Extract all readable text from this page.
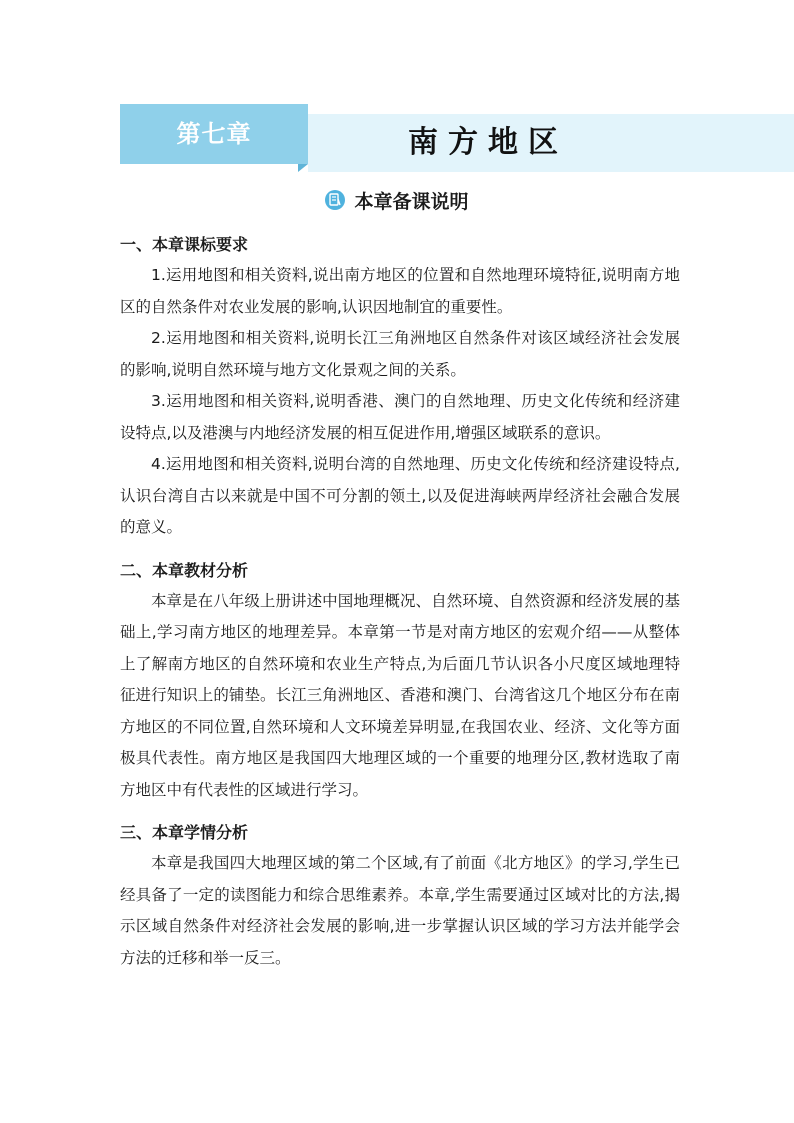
第七章	南方地区
本章备课说明
一、本章课标要求

1.运用地图和相关资料,说出南方地区的位置和自然地理环境特征,说明南方地区的自然条件对农业发展的影响,认识因地制宜的重要性。

2.运用地图和相关资料,说明长江三角洲地区自然条件对该区域经济社会发展的影响,说明自然环境与地方文化景观之间的关系。

3.运用地图和相关资料,说明香港、澳门的自然地理、历史文化传统和经济建设特点,以及港澳与内地经济发展的相互促进作用,增强区域联系的意识。

4.运用地图和相关资料,说明台湾的自然地理、历史文化传统和经济建设特点,认识台湾自古以来就是中国不可分割的领土,以及促进海峡两岸经济社会融合发展的意义。

二、本章教材分析

本章是在八年级上册讲述中国地理概况、自然环境、自然资源和经济发展的基础上,学习南方地区的地理差异。本章第一节是对南方地区的宏观介绍——从整体上了解南方地区的自然环境和农业生产特点,为后面几节认识各小尺度区域地理特征进行知识上的铺垫。长江三角洲地区、香港和澳门、台湾省这几个地区分布在南方地区的不同位置,自然环境和人文环境差异明显,在我国农业、经济、文化等方面极具代表性。南方地区是我国四大地理区域的一个重要的地理分区,教材选取了南方地区中有代表性的区域进行学习。

三、本章学情分析

本章是我国四大地理区域的第二个区域,有了前面《北方地区》的学习,学生已经具备了一定的读图能力和综合思维素养。本章,学生需要通过区域对比的方法,揭示区域自然条件对经济社会发展的影响,进一步掌握认识区域的学习方法并能学会方法的迁移和举一反三。
